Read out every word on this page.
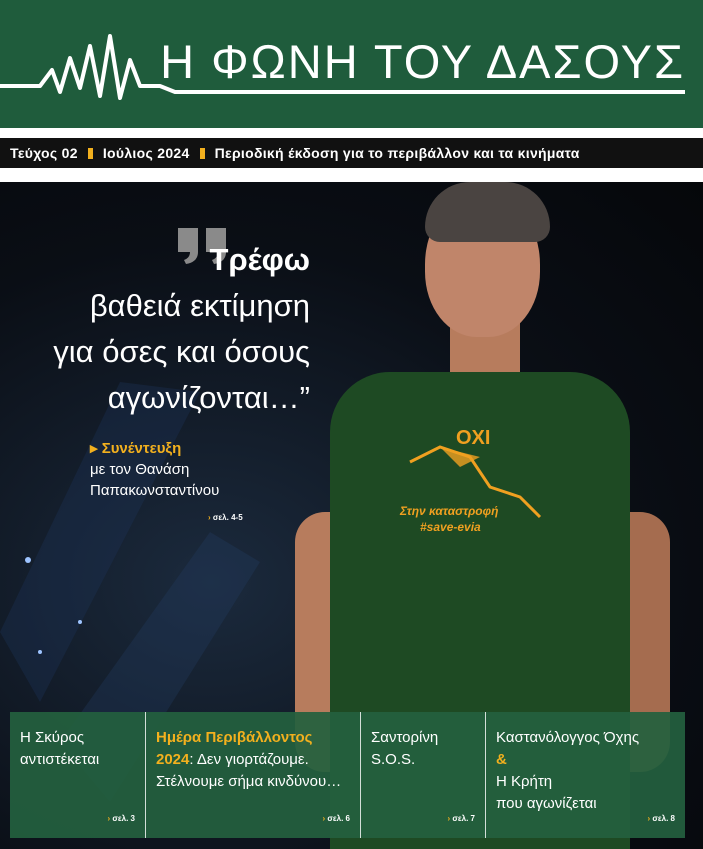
Η ΦΩΝΗ ΤΟΥ ΔΑΣΟΥΣ
Τεύχος 02 Ιούλιος 2024 Περιοδική έκδοση για το περιβάλλον και τα κινήματα
OXI
Στην καταστροφή
#save-evia
Τρέφω
βαθειά εκτίμηση
για όσες και όσους
αγωνίζονται…”
▸ Συνέντευξη
με τον Θανάση
Παπακωνσταντίνου
› σελ. 4-5
Η Σκύρος
αντιστέκεται
› σελ. 3
Ημέρα Περιβάλλοντος
2024: Δεν γιορτάζουμε. Στέλνουμε σήμα κινδύνου…
› σελ. 6
Σαντορίνη
S.O.S.
› σελ. 7
Καστανόλογγος Όχης
&
Η Κρήτη
που αγωνίζεται
› σελ. 8
